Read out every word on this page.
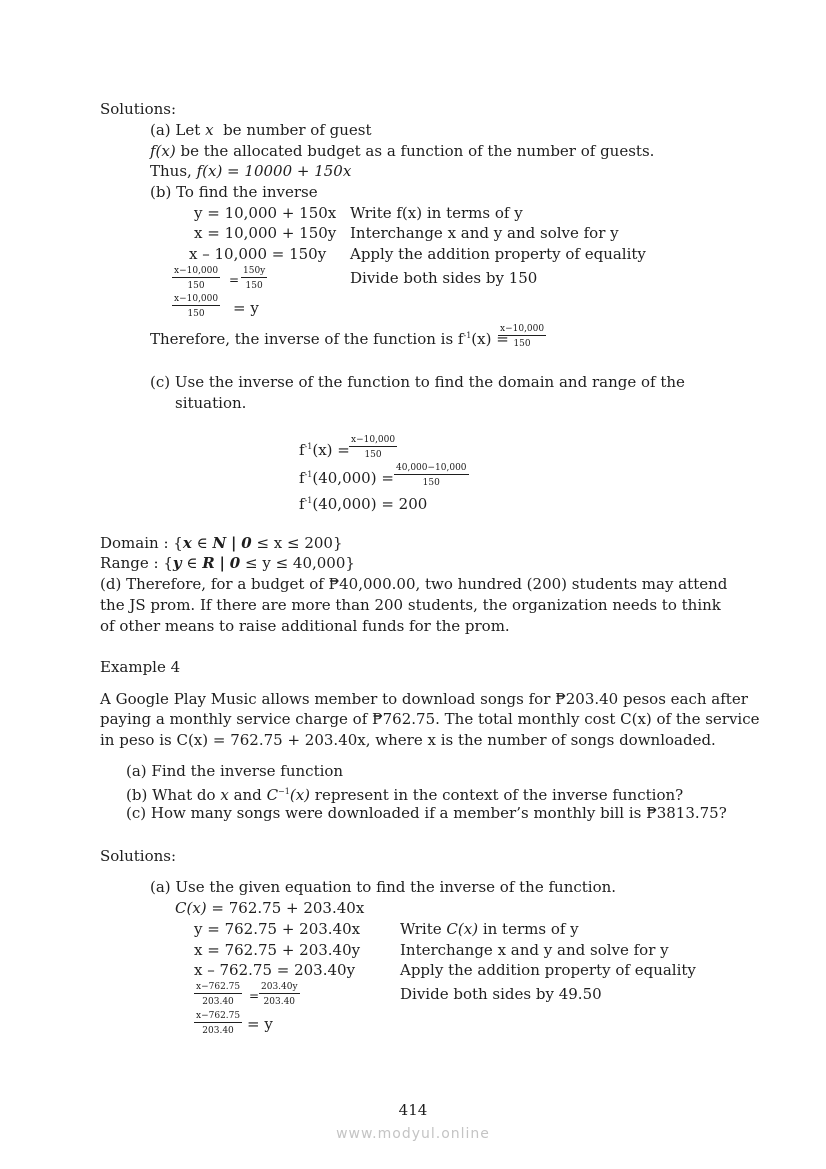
Solutions:
(a) Let x be number of guest
f(x) be the allocated budget as a function of the number of guests.
Thus, f(x) = 10000 + 150x
(b) To find the inverse
y = 10,000 + 150x Write f(x) in terms of y
x = 10,000 + 150y Interchange x and y and solve for y
x – 10,000 = 150y Apply the addition property of equality
$\frac{x-10,000}{150} = \frac{150y}{150}$	Divide both sides by 150
$\frac{x-10,000}{150} = y$
Therefore, the inverse of the function is $f^{-1}(x)$ =
$\frac{x-10,000}{150}$
(c) Use the inverse of the function to find the domain and range of the
situation.
$f^{-1}(x) = \frac{x-10,000}{150}$
$f^{-1}(40,000) = \frac{40,000-10,000}{150}$
$f^{-1}(40,000) = 200$
Domain : {x ∈ N | 0 ≤ x ≤ 200}
Range : {y ∈ R | 0 ≤ y ≤ 40,000}
(d) Therefore, for a budget of ₱40,000.00, two hundred (200) students may attend
the JS prom. If there are more than 200 students, the organization needs to think
of other means to raise additional funds for the prom.
Example 4
A Google Play Music allows member to download songs for ₱203.40 pesos each after
paying a monthly service charge of ₱762.75. The total monthly cost C(x) of the service
in peso is C(x) = 762.75 + 203.40x, where x is the number of songs downloaded.
(a) Find the inverse function
(b) What do x and $C^{-1}(x)$ represent in the context of the inverse function?
(c) How many songs were downloaded if a member’s monthly bill is ₱3813.75?
Solutions:
(a) Use the given equation to find the inverse of the function.
C(x) = 762.75 + 203.40x
y = 762.75 + 203.40x	Write C(x) in terms of y
x = 762.75 + 203.40y	Interchange x and y and solve for y
x – 762.75 = 203.40y	Apply the addition property of equality
$\frac{x-762.75}{203.40} = \frac{203.40y}{203.40}$	Divide both sides by 49.50
$\frac{x-762.75}{203.40} = y$
414
www.modyul.online
